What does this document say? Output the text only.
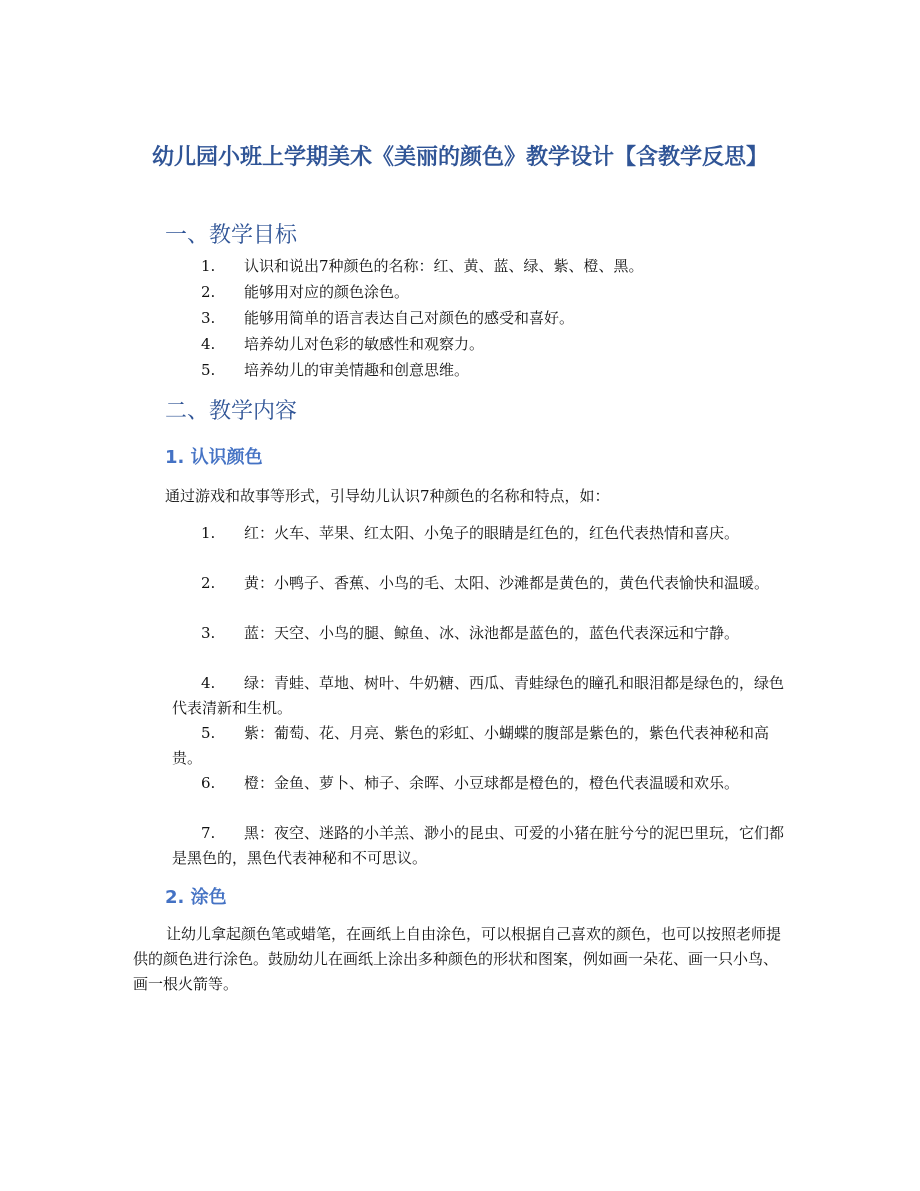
幼儿园小班上学期美术《美丽的颜色》教学设计【含教学反思】
一、教学目标
1. 认识和说出7种颜色的名称：红、黄、蓝、绿、紫、橙、黑。
2. 能够用对应的颜色涂色。
3. 能够用简单的语言表达自己对颜色的感受和喜好。
4. 培养幼儿对色彩的敏感性和观察力。
5. 培养幼儿的审美情趣和创意思维。
二、教学内容
1. 认识颜色

通过游戏和故事等形式，引导幼儿认识7种颜色的名称和特点，如：

1. 红：火车、苹果、红太阳、小兔子的眼睛是红色的，红色代表热情和喜庆。
2. 黄：小鸭子、香蕉、小鸟的毛、太阳、沙滩都是黄色的，黄色代表愉快和温暖。
3. 蓝：天空、小鸟的腿、鲸鱼、冰、泳池都是蓝色的，蓝色代表深远和宁静。
4. 绿：青蛙、草地、树叶、牛奶糖、西瓜、青蛙绿色的瞳孔和眼泪都是绿色的，绿色代表清新和生机。
5. 紫：葡萄、花、月亮、紫色的彩虹、小蝴蝶的腹部是紫色的，紫色代表神秘和高贵。
6. 橙：金鱼、萝卜、柿子、余晖、小豆球都是橙色的，橙色代表温暖和欢乐。
7. 黑：夜空、迷路的小羊羔、渺小的昆虫、可爱的小猪在脏兮兮的泥巴里玩，它们都是黑色的，黑色代表神秘和不可思议。
2. 涂色

让幼儿拿起颜色笔或蜡笔，在画纸上自由涂色，可以根据自己喜欢的颜色，也可以按照老师提供的颜色进行涂色。鼓励幼儿在画纸上涂出多种颜色的形状和图案，例如画一朵花、画一只小鸟、画一根火箭等。
